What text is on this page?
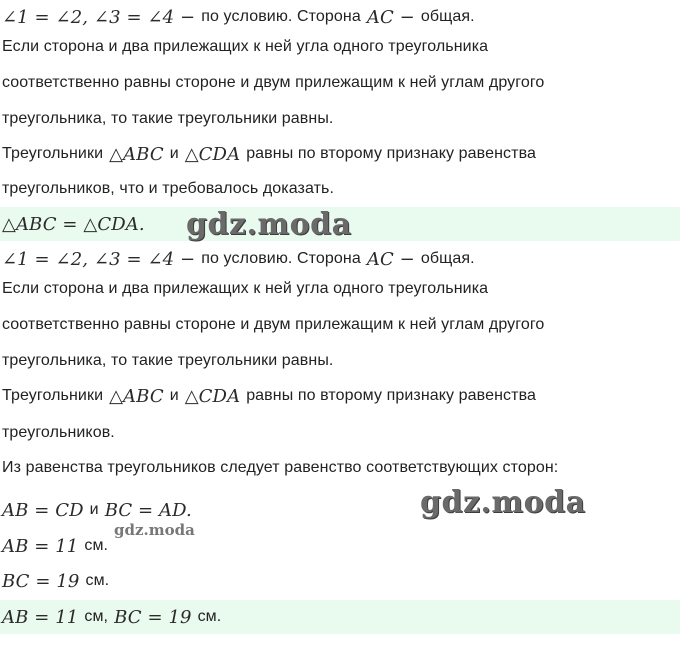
∠1 = ∠2, ∠3 = ∠4 − по условию. Сторона AC − общая.
Если сторона и два прилежащих к ней угла одного треугольника
соответственно равны стороне и двум прилежащим к ней углам другого
треугольника, то такие треугольники равны.
Треугольники △ABC и △CDA равны по второму признаку равенства
треугольников, что и требовалось доказать.
△ABC = △CDA. gdz.moda
∠1 = ∠2, ∠3 = ∠4 − по условию. Сторона AC − общая.
Если сторона и два прилежащих к ней угла одного треугольника
соответственно равны стороне и двум прилежащим к ней углам другого
треугольника, то такие треугольники равны.
Треугольники △ABC и △CDA равны по второму признаку равенства
треугольников.
Из равенства треугольников следует равенство соответствующих сторон:
AB = CD и BC = AD.	gdz.moda
gdz.moda
AB = 11 см.
BC = 19 см.
AB = 11 см, BC = 19 см.
